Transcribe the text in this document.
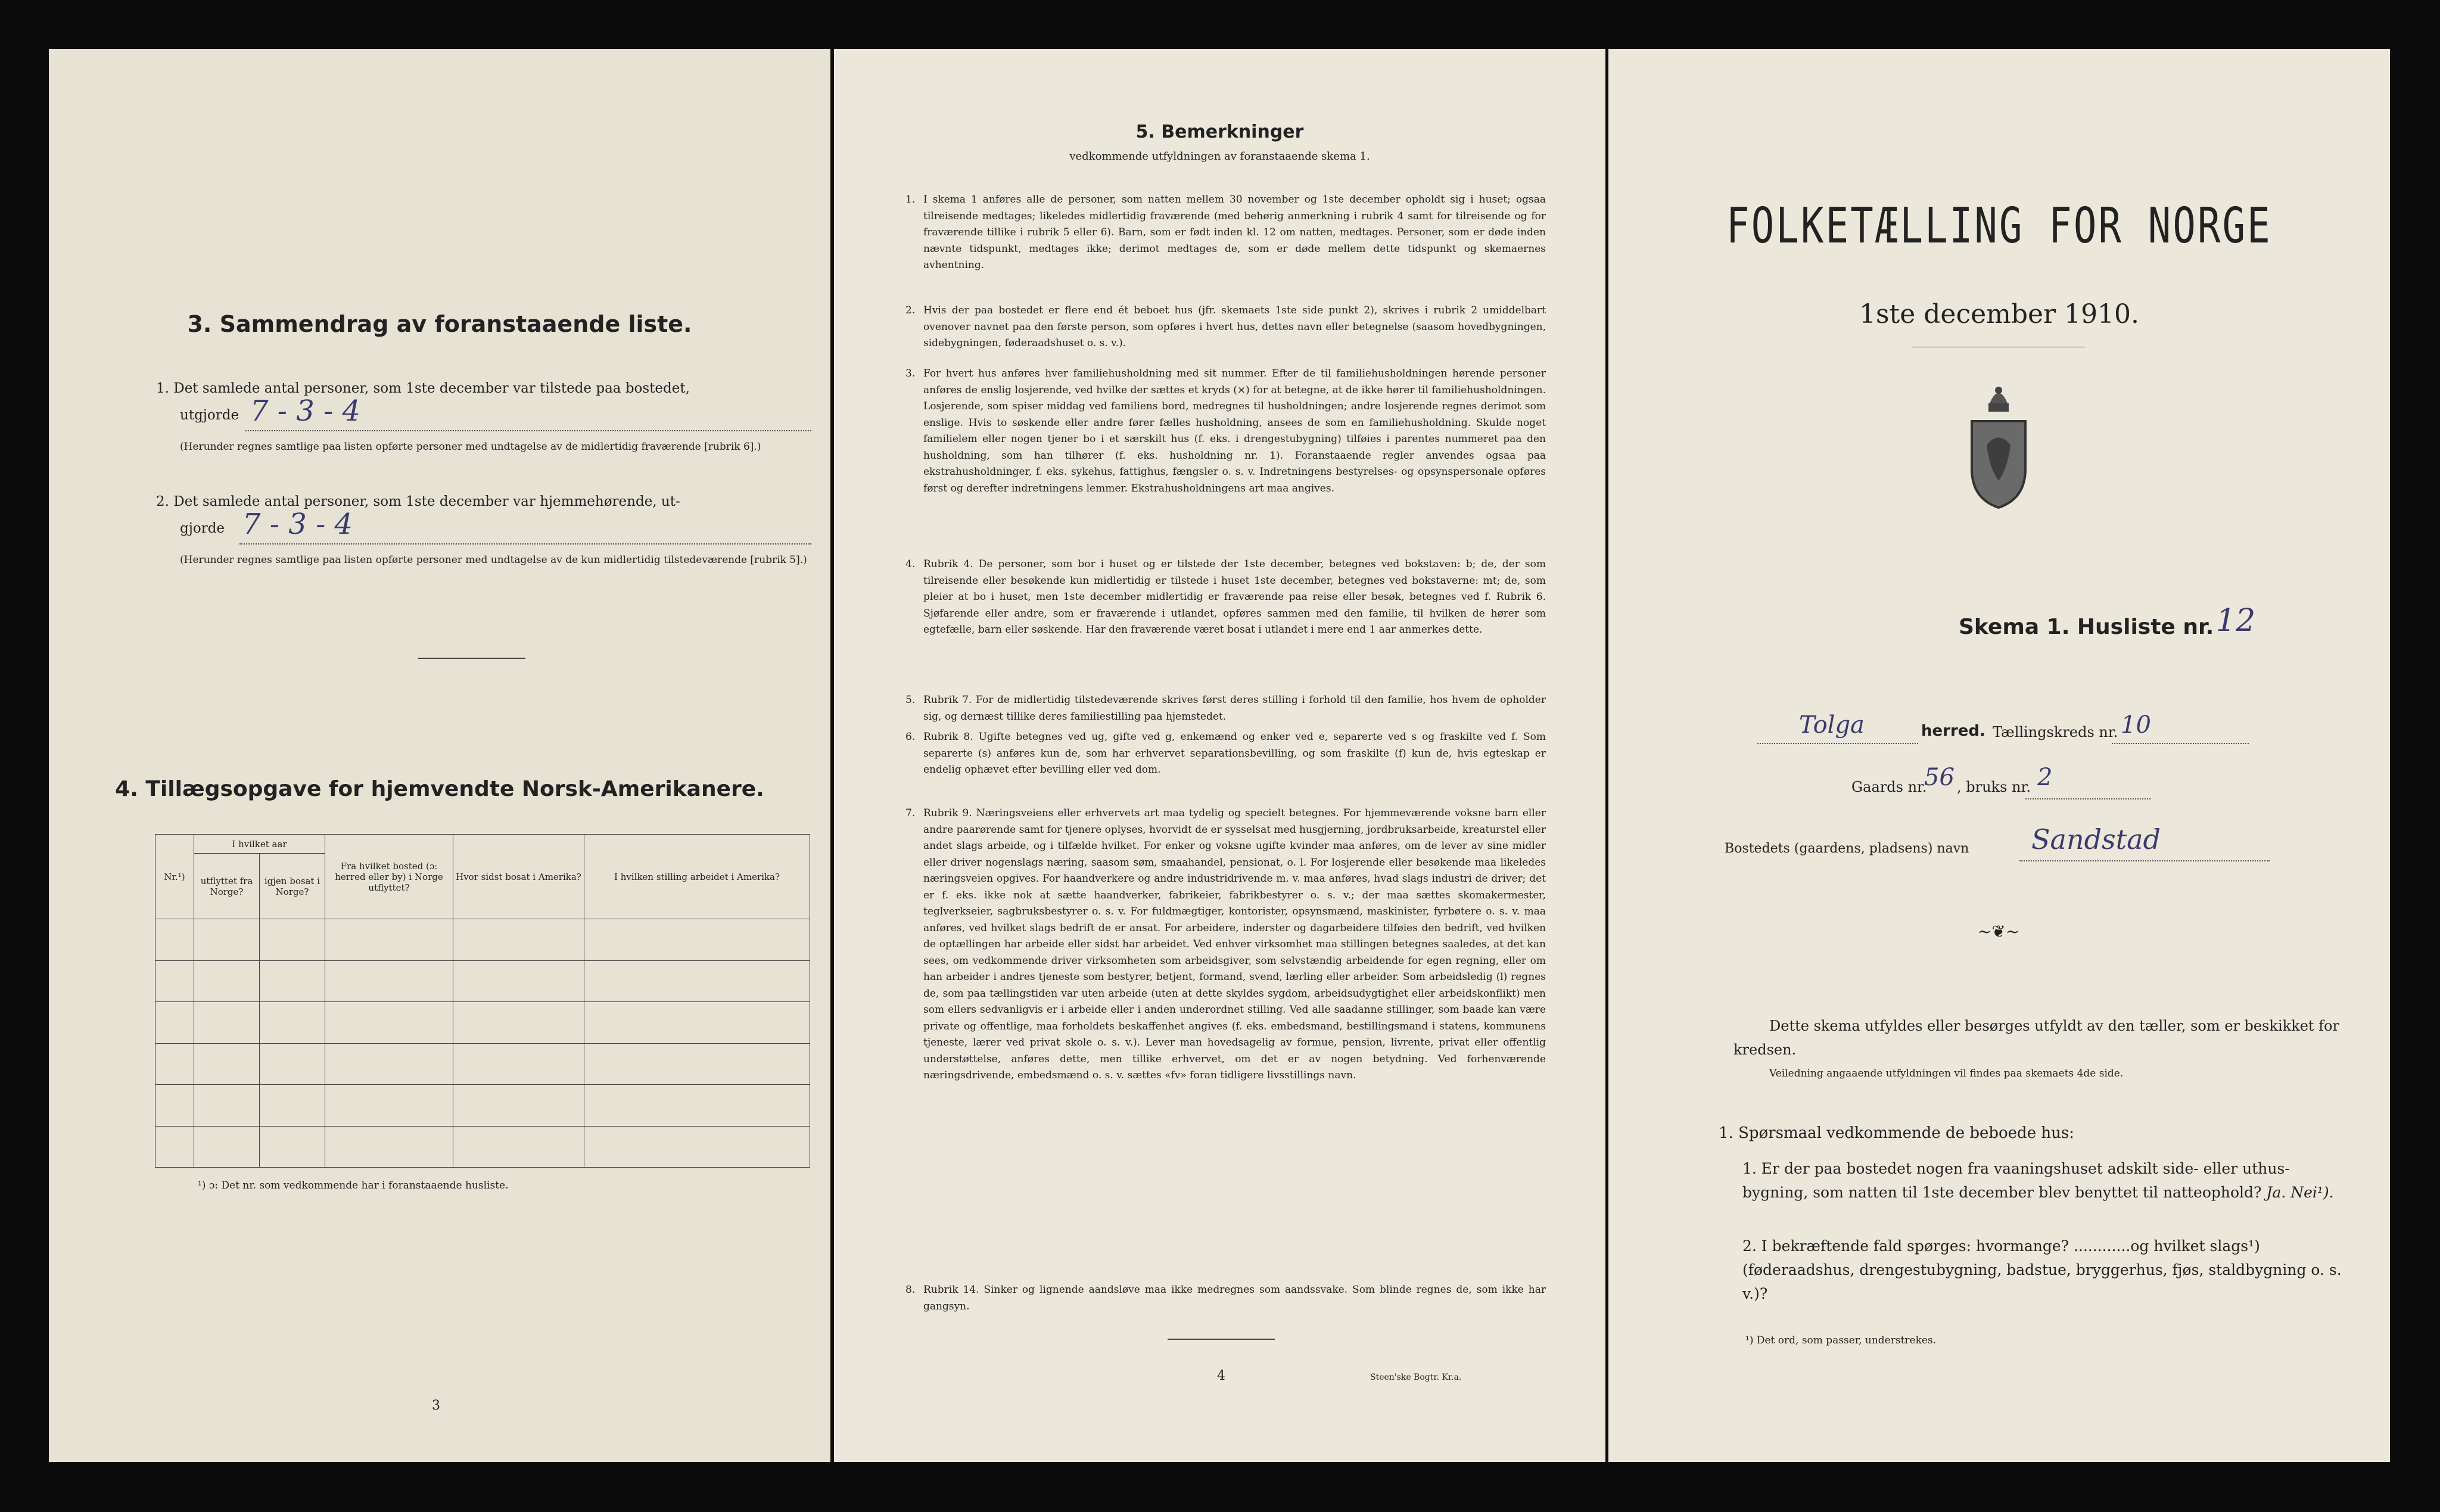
3. Sammendrag av foranstaaende liste.
1. Det samlede antal personer, som 1ste december var tilstede paa bostedet,
utgjorde 7 - 3 - 4
(Herunder regnes samtlige paa listen opførte personer med undtagelse av de midlertidig fraværende [rubrik 6].)
2. Det samlede antal personer, som 1ste december var hjemmehørende, ut-
gjorde 7 - 3 - 4
(Herunder regnes samtlige paa listen opførte personer med undtagelse av de kun midlertidig tilstedeværende [rubrik 5].)
4. Tillægsopgave for hjemvendte Norsk-Amerikanere.
Nr.¹)	I hvilket aar		Fra hvilket bosted (ɔ: herred eller by) i Norge utflyttet?	Hvor sidst bosat i Amerika?	I hvilken stilling arbeidet i Amerika?
	utflyttet fra Norge?	igjen bosat i Norge?			

¹) ɔ: Det nr. som vedkommende har i foranstaaende husliste.
3
5. Bemerkninger
vedkommende utfyldningen av foranstaaende skema 1.
1. I skema 1 anføres alle de personer, som natten mellem 30 november og 1ste december opholdt sig i huset; ogsaa tilreisende medtages; likeledes midlertidig fraværende (med behørig anmerkning i rubrik 4 samt for tilreisende og for fraværende tillike i rubrik 5 eller 6). Barn, som er født inden kl. 12 om natten, medtages. Personer, som er døde inden nævnte tidspunkt, medtages ikke; derimot medtages de, som er døde mellem dette tidspunkt og skemaernes avhentning.
2. Hvis der paa bostedet er flere end ét beboet hus (jfr. skemaets 1ste side punkt 2), skrives i rubrik 2 umiddelbart ovenover navnet paa den første person, som opføres i hvert hus, dettes navn eller betegnelse (saasom hovedbygningen, sidebygningen, føderaadshuset o. s. v.).
3. For hvert hus anføres hver familiehusholdning med sit nummer. Efter de til familiehusholdningen hørende personer anføres de enslig losjerende, ved hvilke der sættes et kryds (×) for at betegne, at de ikke hører til familiehusholdningen. Losjerende, som spiser middag ved familiens bord, medregnes til husholdningen; andre losjerende regnes derimot som enslige. Hvis to søskende eller andre fører fælles husholdning, ansees de som en familiehusholdning. Skulde noget familielem eller nogen tjener bo i et særskilt hus (f. eks. i drengestubygning) tilføies i parentes nummeret paa den husholdning, som han tilhører (f. eks. husholdning nr. 1). Foranstaaende regler anvendes ogsaa paa ekstrahusholdninger, f. eks. sykehus, fattighus, fængsler o. s. v. Indretningens bestyrelses- og opsynspersonale opføres først og derefter indretningens lemmer. Ekstrahusholdningens art maa angives.
4. Rubrik 4. De personer, som bor i huset og er tilstede der 1ste december, betegnes ved bokstaven: b; de, der som tilreisende eller besøkende kun midlertidig er tilstede i huset 1ste december, betegnes ved bokstaverne: mt; de, som pleier at bo i huset, men 1ste december midlertidig er fraværende paa reise eller besøk, betegnes ved f. Rubrik 6. Sjøfarende eller andre, som er fraværende i utlandet, opføres sammen med den familie, til hvilken de hører som egtefælle, barn eller søskende. Har den fraværende været bosat i utlandet i mere end 1 aar anmerkes dette.
5. Rubrik 7. For de midlertidig tilstedeværende skrives først deres stilling i forhold til den familie, hos hvem de opholder sig, og dernæst tillike deres familiestilling paa hjemstedet.
6. Rubrik 8. Ugifte betegnes ved ug, gifte ved g, enkemænd og enker ved e, separerte ved s og fraskilte ved f. Som separerte (s) anføres kun de, som har erhvervet separationsbevilling, og som fraskilte (f) kun de, hvis egteskap er endelig ophævet efter bevilling eller ved dom.
7. Rubrik 9. Næringsveiens eller erhvervets art maa tydelig og specielt betegnes. For hjemmeværende voksne barn eller andre paarørende samt for tjenere oplyses, hvorvidt de er sysselsat med husgjerning, jordbruksarbeide, kreaturstel eller andet slags arbeide, og i tilfælde hvilket. For enker og voksne ugifte kvinder maa anføres, om de lever av sine midler eller driver nogenslags næring, saasom søm, smaahandel, pensionat, o. l. For losjerende eller besøkende maa likeledes næringsveien opgives. For haandverkere og andre industridrivende m. v. maa anføres, hvad slags industri de driver; det er f. eks. ikke nok at sætte haandverker, fabrikeier, fabrikbestyrer o. s. v.; der maa sættes skomakermester, teglverkseier, sagbruksbestyrer o. s. v. For fuldmægtiger, kontorister, opsynsmænd, maskinister, fyrbøtere o. s. v. maa anføres, ved hvilket slags bedrift de er ansat. For arbeidere, inderster og dagarbeidere tilføies den bedrift, ved hvilken de optællingen har arbeide eller sidst har arbeidet. Ved enhver virksomhet maa stillingen betegnes saaledes, at det kan sees, om vedkommende driver virksomheten som arbeidsgiver, som selvstændig arbeidende for egen regning, eller om han arbeider i andres tjeneste som bestyrer, betjent, formand, svend, lærling eller arbeider. Som arbeidsledig (l) regnes de, som paa tællingstiden var uten arbeide (uten at dette skyldes sygdom, arbeidsudygtighet eller arbeidskonflikt) men som ellers sedvanligvis er i arbeide eller i anden underordnet stilling. Ved alle saadanne stillinger, som baade kan være private og offentlige, maa forholdets beskaffenhet angives (f. eks. embedsmand, bestillingsmand i statens, kommunens tjeneste, lærer ved privat skole o. s. v.). Lever man hovedsagelig av formue, pension, livrente, privat eller offentlig understøttelse, anføres dette, men tillike erhvervet, om det er av nogen betydning. Ved forhenværende næringsdrivende, embedsmænd o. s. v. sættes «fv» foran tidligere livsstillings navn.
8. Rubrik 14. Sinker og lignende aandsløve maa ikke medregnes som aandssvake. Som blinde regnes de, som ikke har gangsyn.
4	Steen'ske Bogtr. Kr.a.
FOLKETÆLLING FOR NORGE
1ste december 1910.
Skema 1. Husliste nr. 12
Tolga	herred. Tællingskreds nr. 10
Gaards nr.
56 , bruks nr. 2
Bostedets (gaardens, pladsens) navn Sandstad
~❦~
Dette skema utfyldes eller besørges utfyldt av den tæller, som er beskikket for kredsen.
Veiledning angaaende utfyldningen vil findes paa skemaets 4de side.
1. Spørsmaal vedkommende de beboede hus:
1. Er der paa bostedet nogen fra vaaningshuset adskilt side- eller uthus-bygning, som natten til 1ste december blev benyttet til natteophold? Ja. Nei¹).
2. I bekræftende fald spørges: hvormange? ............og hvilket slags¹) (føderaadshus, drengestubygning, badstue, bryggerhus, fjøs, staldbygning o. s. v.)?
¹) Det ord, som passer, understrekes.
